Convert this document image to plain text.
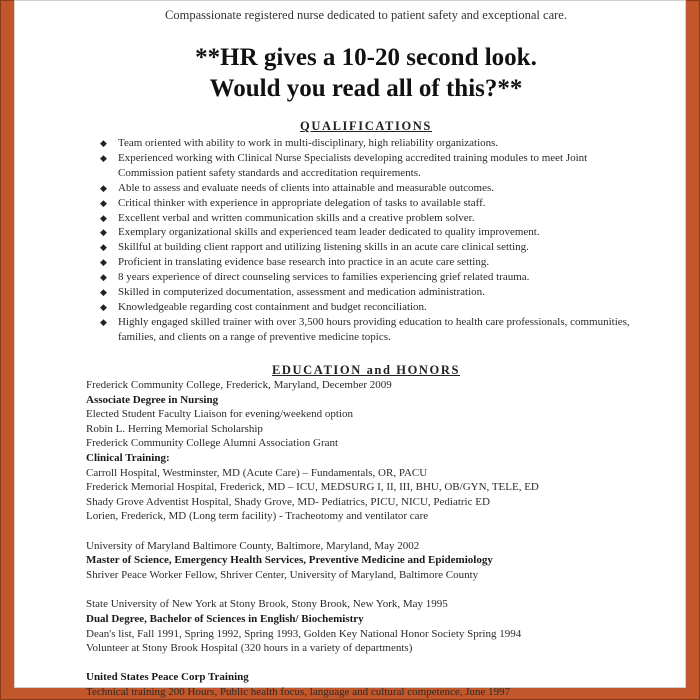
Compassionate registered nurse dedicated to patient safety and exceptional care.
**HR gives a 10-20 second look.
Would you read all of this?**
QUALIFICATIONS
◆ Team oriented with ability to work in multi-disciplinary, high reliability organizations.
◆ Experienced working with Clinical Nurse Specialists developing accredited training modules to meet Joint Commission patient safety standards and accreditation requirements.
◆ Able to assess and evaluate needs of clients into attainable and measurable outcomes.
◆ Critical thinker with experience in appropriate delegation of tasks to available staff.
◆ Excellent verbal and written communication skills and a creative problem solver.
◆ Exemplary organizational skills and experienced team leader dedicated to quality improvement.
◆ Skillful at building client rapport and utilizing listening skills in an acute care clinical setting.
◆ Proficient in translating evidence base research into practice in an acute care setting.
◆ 8 years experience of direct counseling services to families experiencing grief related trauma.
◆ Skilled in computerized documentation, assessment and medication administration.
◆ Knowledgeable regarding cost containment and budget reconciliation.
◆ Highly engaged skilled trainer with over 3,500 hours providing education to health care professionals, communities, families, and clients on a range of preventive medicine topics.
EDUCATION and HONORS
Frederick Community College, Frederick, Maryland, December 2009
Associate Degree in Nursing
Elected Student Faculty Liaison for evening/weekend option
Robin L. Herring Memorial Scholarship
Frederick Community College Alumni Association Grant
Clinical Training:
Carroll Hospital, Westminster, MD (Acute Care) – Fundamentals, OR, PACU
Frederick Memorial Hospital, Frederick, MD – ICU, MEDSURG I, II, III, BHU, OB/GYN, TELE, ED
Shady Grove Adventist Hospital, Shady Grove, MD- Pediatrics, PICU, NICU, Pediatric ED
Lorien, Frederick, MD (Long term facility) - Tracheotomy and ventilator care
University of Maryland Baltimore County, Baltimore, Maryland, May 2002
Master of Science, Emergency Health Services, Preventive Medicine and Epidemiology
Shriver Peace Worker Fellow, Shriver Center, University of Maryland, Baltimore County
State University of New York at Stony Brook, Stony Brook, New York, May 1995
Dual Degree, Bachelor of Sciences in English/ Biochemistry
Dean's list, Fall 1991, Spring 1992, Spring 1993, Golden Key National Honor Society Spring 1994
Volunteer at Stony Brook Hospital (320 hours in a variety of departments)
United States Peace Corp Training
Technical training 200 Hours, Public health focus, language and cultural competence, June 1997
